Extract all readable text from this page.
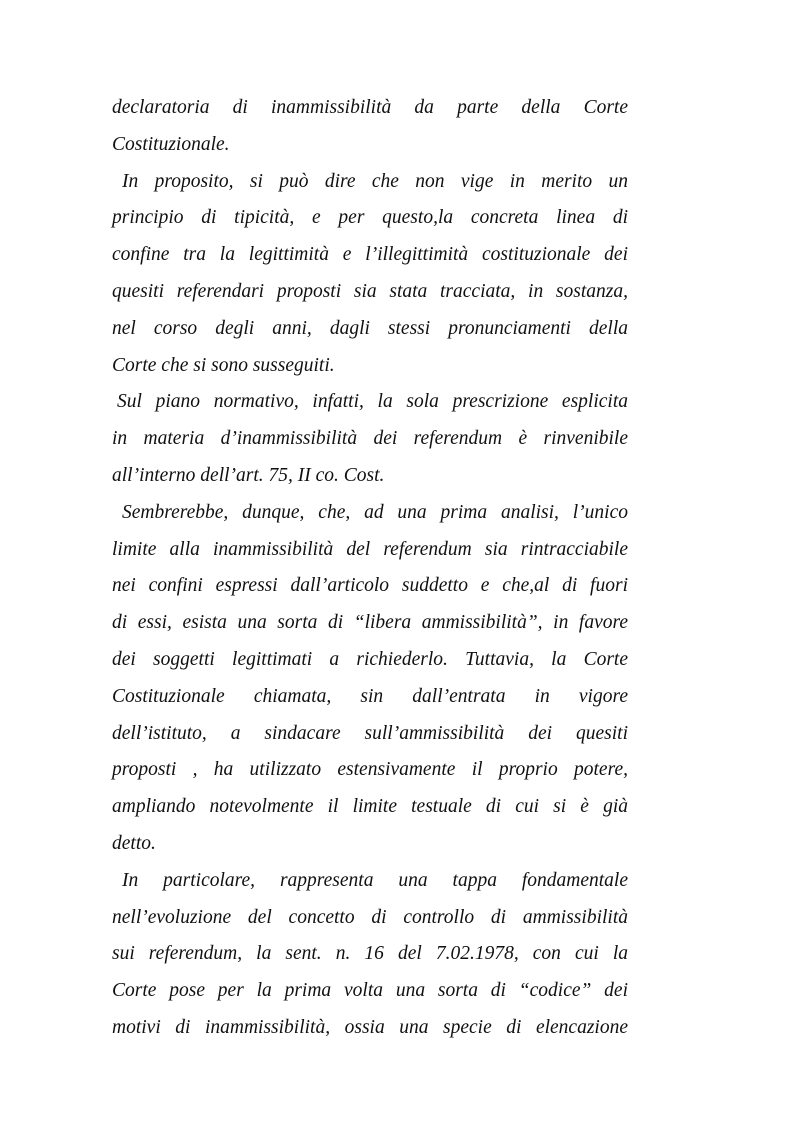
declaratoria di inammissibilità da parte della Corte
Costituzionale.
In proposito, si può dire che non vige in merito un
principio di tipicità, e per questo,la concreta linea di
confine tra la legittimità e l’illegittimità costituzionale dei
quesiti referendari proposti sia stata tracciata, in sostanza,
nel corso degli anni, dagli stessi pronunciamenti della
Corte che si sono susseguiti.
Sul piano normativo, infatti, la sola prescrizione esplicita
in materia d’inammissibilità dei referendum è rinvenibile
all’interno dell’art. 75, II co. Cost.
Sembrerebbe, dunque, che, ad una prima analisi, l’unico
limite alla inammissibilità del referendum sia rintracciabile
nei confini espressi dall’articolo suddetto e che,al di fuori
di essi, esista una sorta di “libera ammissibilità”, in favore
dei soggetti legittimati a richiederlo. Tuttavia, la Corte
Costituzionale chiamata, sin dall’entrata in vigore
dell’istituto, a sindacare sull’ammissibilità dei quesiti
proposti , ha utilizzato estensivamente il proprio potere,
ampliando notevolmente il limite testuale di cui si è già
detto.
In particolare, rappresenta una tappa fondamentale
nell’evoluzione del concetto di controllo di ammissibilità
sui referendum, la sent. n. 16 del 7.02.1978, con cui la
Corte pose per la prima volta una sorta di “codice” dei
motivi di inammissibilità, ossia una specie di elencazione
